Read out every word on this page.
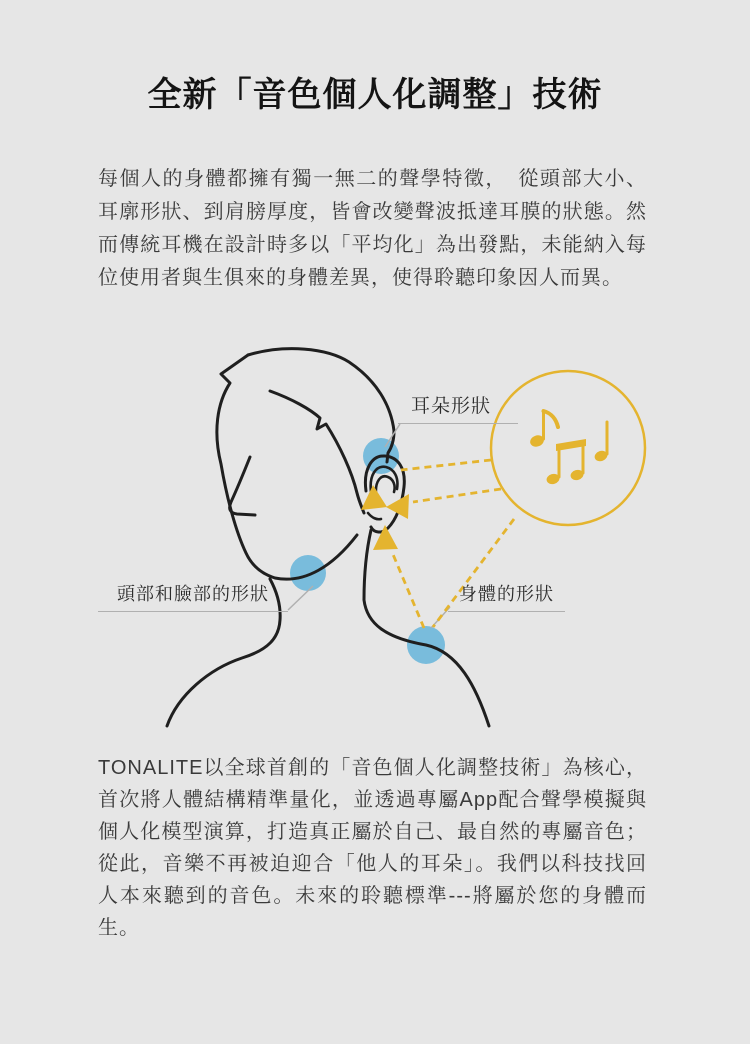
全新「音色個人化調整」技術

每個人的身體都擁有獨一無二的聲學特徵，　從頭部大小、耳廓形狀、到肩膀厚度，皆會改變聲波抵達耳膜的狀態。然而傳統耳機在設計時多以「平均化」為出發點，未能納入每位使用者與生俱來的身體差異，使得聆聽印象因人而異。

耳朵形狀
頭部和臉部的形狀	身體的形狀

TONALITE以全球首創的「音色個人化調整技術」為核心，首次將人體結構精準量化，並透過專屬App配合聲學模擬與個人化模型演算，打造真正屬於自己、最自然的專屬音色；從此，音樂不再被迫迎合「他人的耳朵」。我們以科技找回人本來聽到的音色。未來的聆聽標準---將屬於您的身體而生。
